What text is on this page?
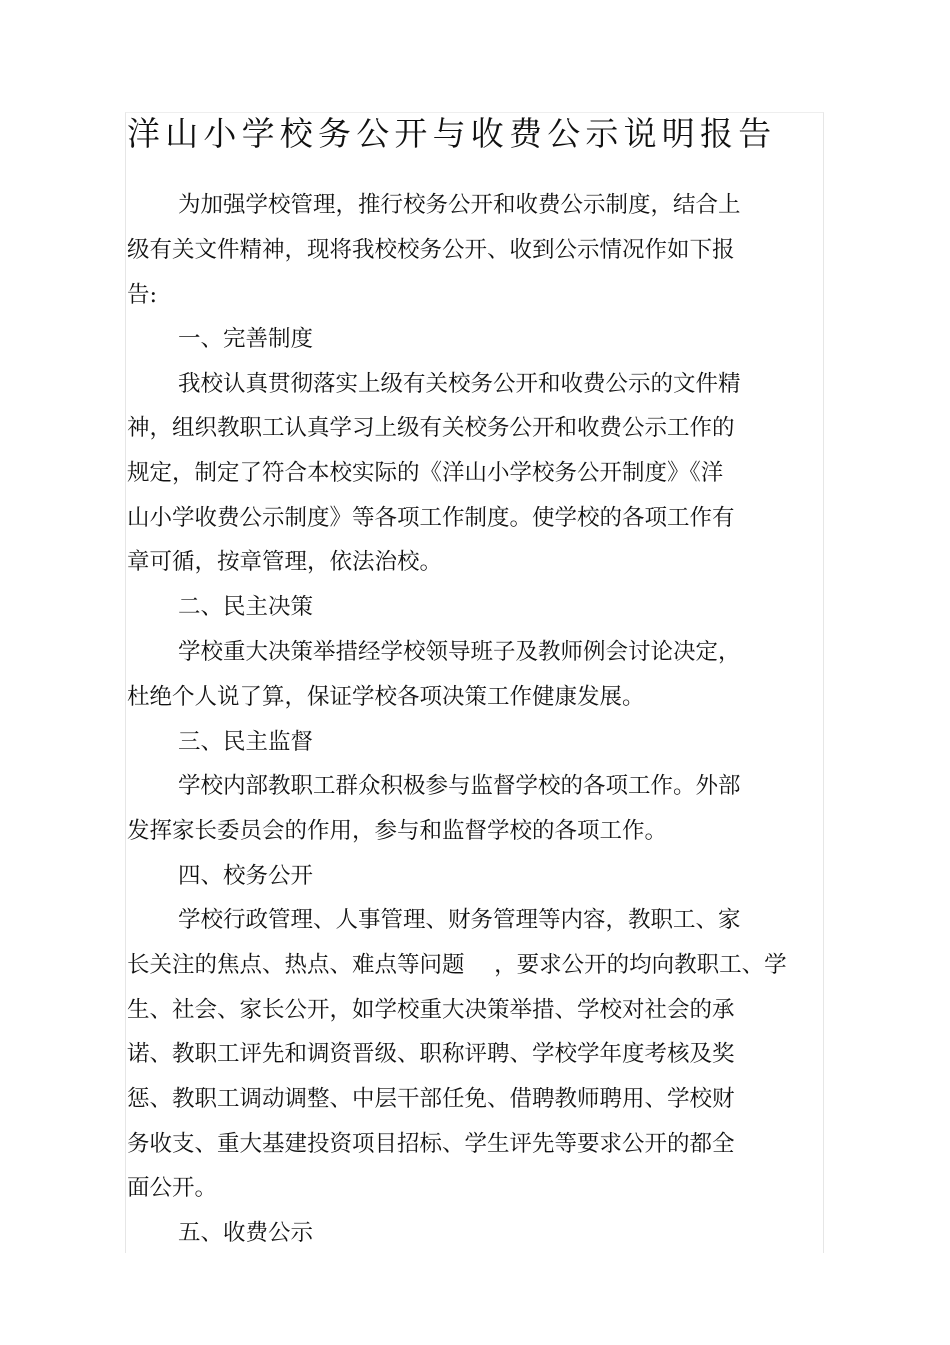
洋山小学校务公开与收费公示说明报告
为加强学校管理，推行校务公开和收费公示制度，结合上
级有关文件精神，现将我校校务公开、收到公示情况作如下报
告:
一、完善制度
我校认真贯彻落实上级有关校务公开和收费公示的文件精
神，组织教职工认真学习上级有关校务公开和收费公示工作的
规定，制定了符合本校实际的《洋山小学校务公开制度》《洋
山小学收费公示制度》等各项工作制度。使学校的各项工作有
章可循，按章管理，依法治校。
二、民主决策
学校重大决策举措经学校领导班子及教师例会讨论决定，
杜绝个人说了算，保证学校各项决策工作健康发展。
三、民主监督
学校内部教职工群众积极参与监督学校的各项工作。外部
发挥家长委员会的作用，参与和监督学校的各项工作。
四、校务公开
学校行政管理、人事管理、财务管理等内容，教职工、家
长关注的焦点、热点、难点等问题　 ，要求公开的均向教职工、学
生、社会、家长公开，如学校重大决策举措、学校对社会的承
诺、教职工评先和调资晋级、职称评聘、学校学年度考核及奖
惩、教职工调动调整、中层干部任免、借聘教师聘用、学校财
务收支、重大基建投资项目招标、学生评先等要求公开的都全
面公开。
五、收费公示
